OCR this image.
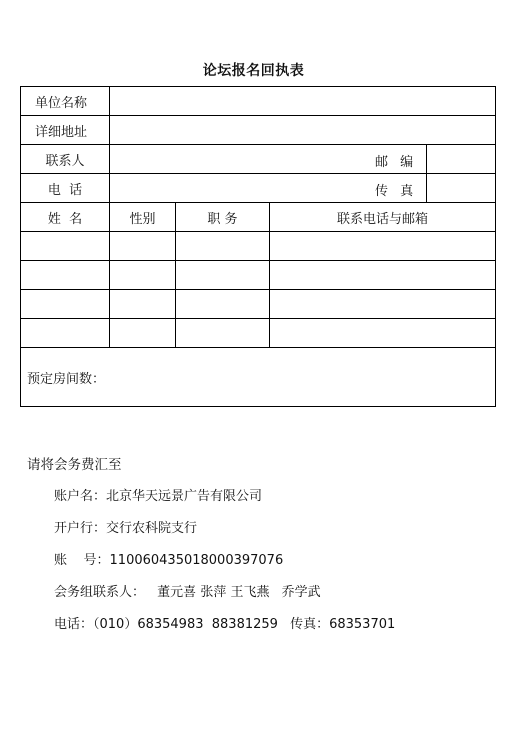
论坛报名回执表
单位名称				
详细地址				
联系人				邮 编

电  话				传 真

姓  名	性别	职 务	联系电话与邮箱	

预定房间数：				
请将会务费汇至
账户名：北京华天远景广告有限公司
开户行：交行农科院支行
账    号：110060435018000397076
会务组联系人： 董元喜 张萍 王飞燕 乔学武
电话：（010）68354983  88381259 传真：68353701
